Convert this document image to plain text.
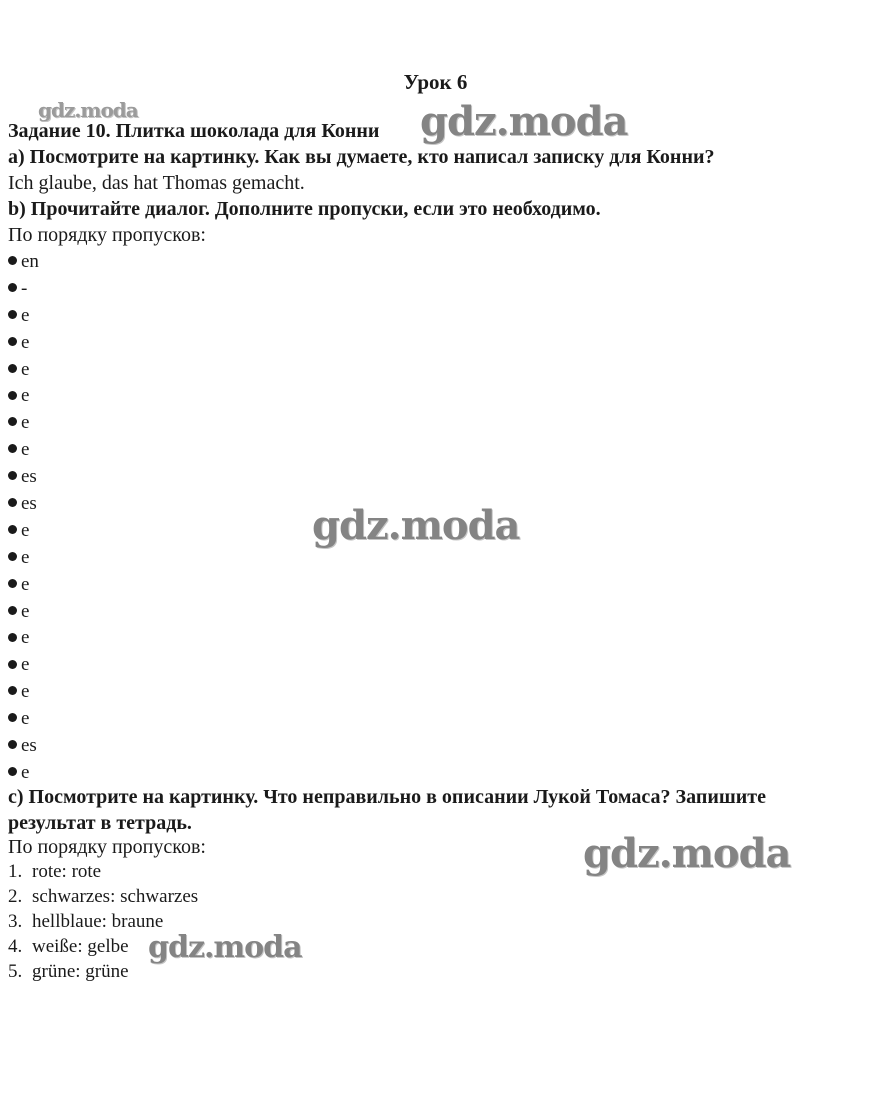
Урок 6
Задание 10. Плитка шоколада для Конни
а) Посмотрите на картинку. Как вы думаете, кто написал записку для Конни?
Ich glaube, das hat Thomas gemacht.
b) Прочитайте диалог. Дополните пропуски, если это необходимо.
По порядку пропусков:
en
-
e
e
e
e
e
e
es
es
e
e
e
e
e
e
e
e
es
e
c) Посмотрите на картинку. Что неправильно в описании Лукой Томаса? Запишите
результат в тетрадь.
По порядку пропусков:
1. rote: rote
2. schwarzes: schwarzes
3. hellblaue: braune
4. weiße: gelbe
5. grüne: grüne
gdz.moda	gdz.moda
gdz.moda
gdz.moda
gdz.moda
